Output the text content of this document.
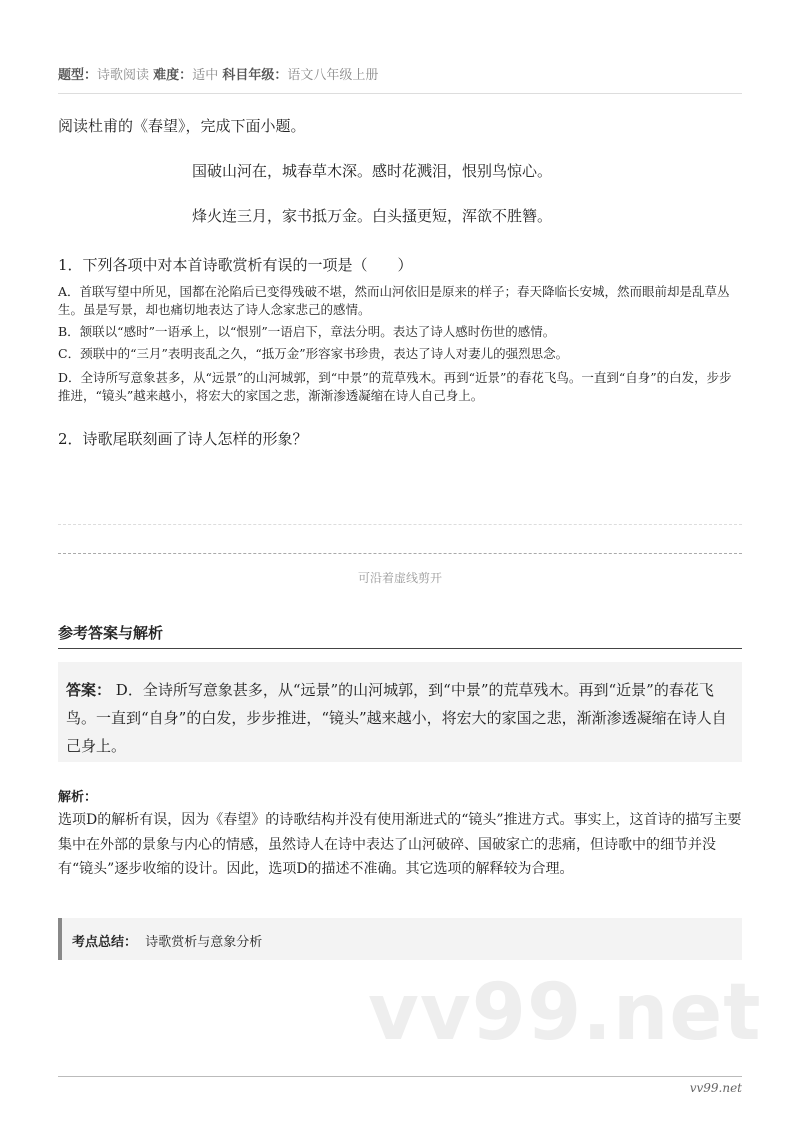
题型：诗歌阅读 难度：适中 科目年级：语文八年级上册
阅读杜甫的《春望》，完成下面小题。
国破山河在，城春草木深。感时花溅泪，恨别鸟惊心。
烽火连三月，家书抵万金。白头搔更短，浑欲不胜簪。
1．下列各项中对本首诗歌赏析有误的一项是（　　）
A．首联写望中所见，国都在沦陷后已变得残破不堪，然而山河依旧是原来的样子；春天降临长安城，然而眼前却是乱草丛生。虽是写景，却也痛切地表达了诗人念家悲己的感情。
B．颔联以“感时”一语承上，以“恨别”一语启下，章法分明。表达了诗人感时伤世的感情。
C．颈联中的“三月”表明丧乱之久，“抵万金”形容家书珍贵，表达了诗人对妻儿的强烈思念。
D．全诗所写意象甚多，从“远景”的山河城郭，到“中景”的荒草残木。再到“近景”的春花飞鸟。一直到“自身”的白发，步步推进，“镜头”越来越小，将宏大的家国之悲，渐渐渗透凝缩在诗人自己身上。
2．诗歌尾联刻画了诗人怎样的形象？
可沿着虚线剪开
参考答案与解析
答案： D．全诗所写意象甚多，从“远景”的山河城郭，到“中景”的荒草残木。再到“近景”的春花飞鸟。一直到“自身”的白发，步步推进，“镜头”越来越小，将宏大的家国之悲，渐渐渗透凝缩在诗人自己身上。
解析：
选项D的解析有误，因为《春望》的诗歌结构并没有使用渐进式的“镜头”推进方式。事实上，这首诗的描写主要集中在外部的景象与内心的情感，虽然诗人在诗中表达了山河破碎、国破家亡的悲痛，但诗歌中的细节并没有“镜头”逐步收缩的设计。因此，选项D的描述不准确。其它选项的解释较为合理。
考点总结： 诗歌赏析与意象分析
vv99.net
vv99.net
